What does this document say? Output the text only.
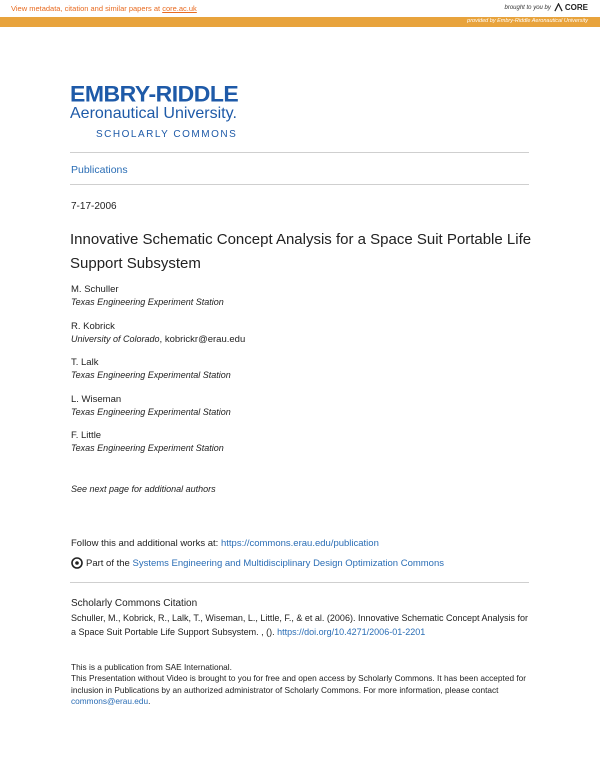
View metadata, citation and similar papers at core.ac.uk	brought to you by CORE
provided by Embry-Riddle Aeronautical University
EMBRY-RIDDLE
Aeronautical University.
SCHOLARLY COMMONS
Publications
7-17-2006
Innovative Schematic Concept Analysis for a Space Suit Portable Life Support Subsystem
M. Schuller
Texas Engineering Experiment Station
R. Kobrick
University of Colorado, kobrickr@erau.edu
T. Lalk
Texas Engineering Experimental Station
L. Wiseman
Texas Engineering Experimental Station
F. Little
Texas Engineering Experiment Station
See next page for additional authors
Follow this and additional works at: https://commons.erau.edu/publication
Part of the Systems Engineering and Multidisciplinary Design Optimization Commons
Scholarly Commons Citation
Schuller, M., Kobrick, R., Lalk, T., Wiseman, L., Little, F., & et al. (2006). Innovative Schematic Concept Analysis for a Space Suit Portable Life Support Subsystem. , (). https://doi.org/10.4271/2006-01-2201
This is a publication from SAE International.
This Presentation without Video is brought to you for free and open access by Scholarly Commons. It has been accepted for inclusion in Publications by an authorized administrator of Scholarly Commons. For more information, please contact commons@erau.edu.
